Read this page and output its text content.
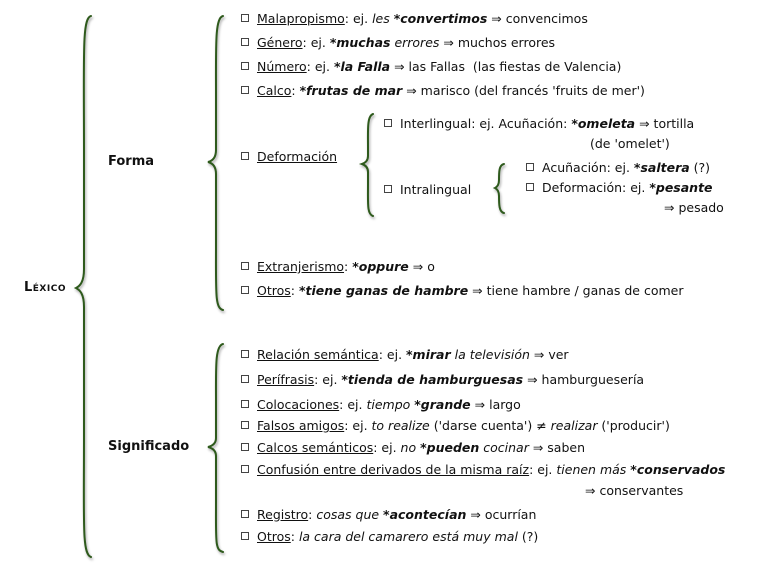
Léxico
Forma
Significado
Malapropismo : ej. les *convertimos ⇒ convencimos
Género : ej. *muchas errores ⇒ muchos errores
Número : ej. *la Falla ⇒ las Fallas  (las fiestas de Valencia)
Calco : *frutas de mar ⇒ marisco (del francés 'fruits de mer')
Deformación
Interlingual: ej. Acuñación: *omeleta ⇒ tortilla
(de 'omelet')
Intralingual
Acuñación: ej. *saltera (?)
Deformación: ej. *pesante
⇒ pesado
Extranjerismo : *oppure ⇒ o
Otros : *tiene ganas de hambre ⇒ tiene hambre / ganas de comer
Relación semántica : ej. *mirar la televisión ⇒ ver
Perífrasis : ej. *tienda de hamburguesas ⇒ hamburguesería
Colocaciones : ej. tiempo *grande ⇒ largo
Falsos amigos : ej. to realize ('darse cuenta') ≠ realizar ('producir')
Calcos semánticos : ej. no *pueden cocinar ⇒ saben
Confusión entre derivados de la misma raíz : ej. tienen más *conservados
⇒ conservantes
Registro : cosas que *acontecían ⇒ ocurrían
Otros : la cara del camarero está muy mal (?)
